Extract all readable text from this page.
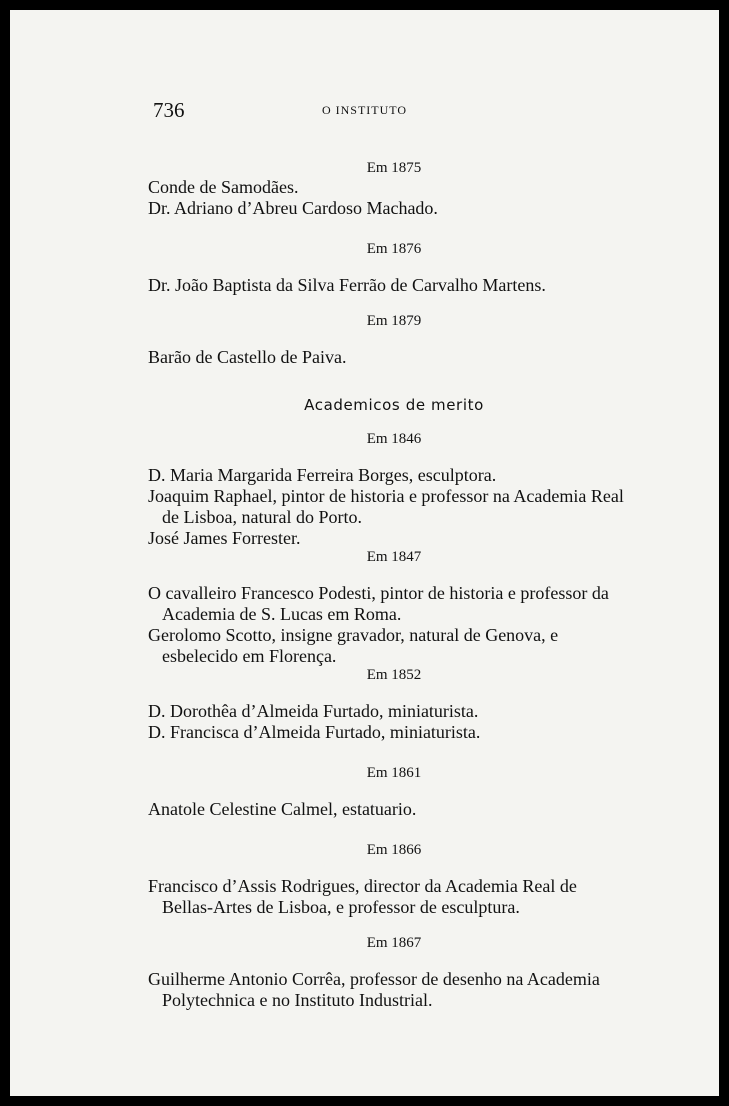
736	O INSTITUTO
Em 1875
Conde de Samodães.
Dr. Adriano d’Abreu Cardoso Machado.
Em 1876
Dr. João Baptista da Silva Ferrão de Carvalho Martens.
Em 1879
Barão de Castello de Paiva.
Academicos de merito
Em 1846
D. Maria Margarida Ferreira Borges, esculptora.
Joaquim Raphael, pintor de historia e professor na Academia Real de Lisboa, natural do Porto.
José James Forrester.
Em 1847
O cavalleiro Francesco Podesti, pintor de historia e professor da Academia de S. Lucas em Roma.
Gerolomo Scotto, insigne gravador, natural de Genova, e esbelecido em Florença.
Em 1852
D. Dorothêa d’Almeida Furtado, miniaturista.
D. Francisca d’Almeida Furtado, miniaturista.
Em 1861
Anatole Celestine Calmel, estatuario.
Em 1866
Francisco d’Assis Rodrigues, director da Academia Real de Bellas-Artes de Lisboa, e professor de esculptura.
Em 1867
Guilherme Antonio Corrêa, professor de desenho na Academia Polytechnica e no Instituto Industrial.
